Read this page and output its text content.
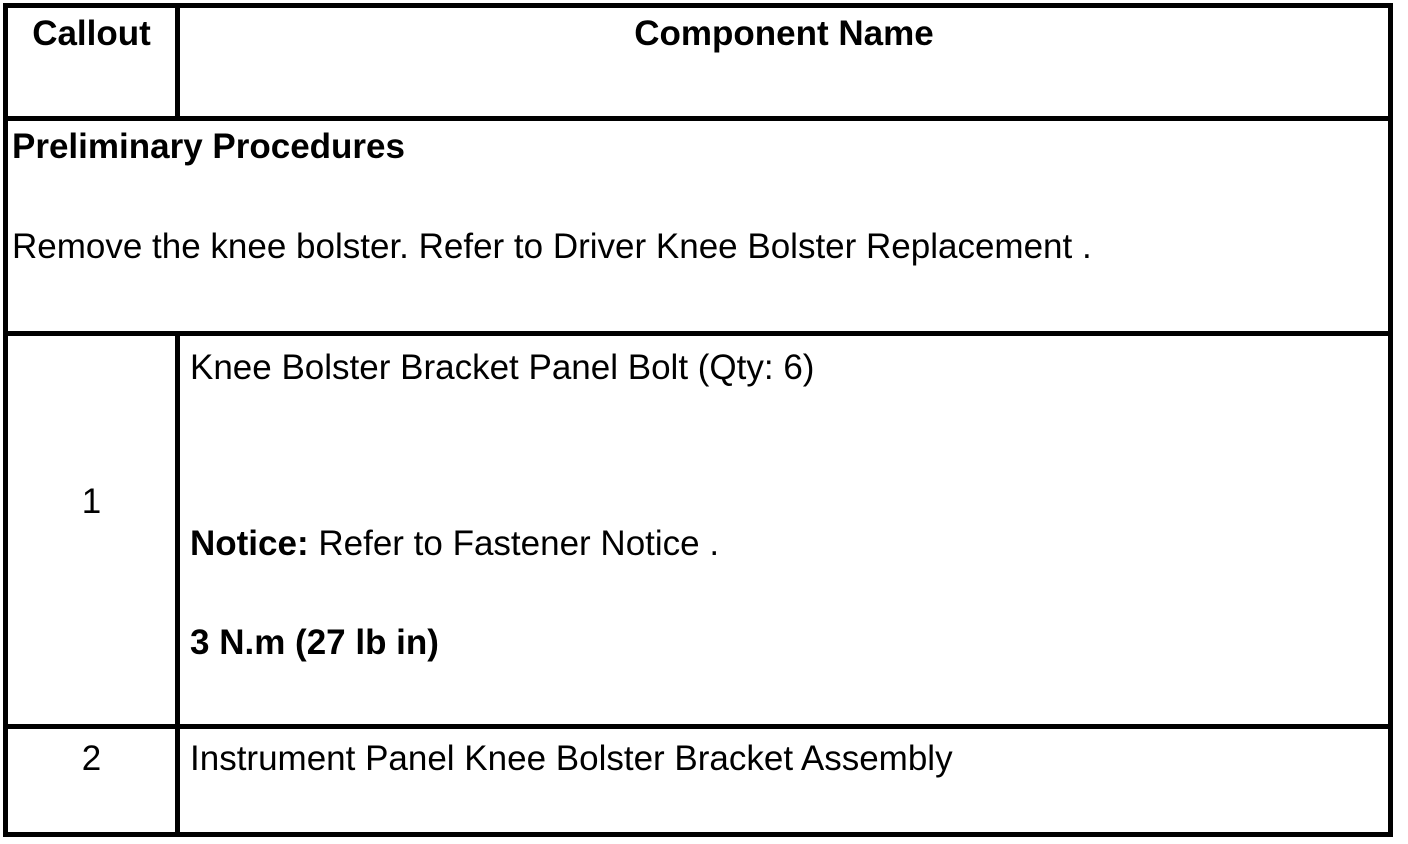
Callout	Component Name
Preliminary Procedures
Remove the knee bolster. Refer to Driver Knee Bolster Replacement .
1
Knee Bolster Bracket Panel Bolt (Qty: 6)
Notice: Refer to Fastener Notice .
3 N.m (27 lb in)
2	Instrument Panel Knee Bolster Bracket Assembly
